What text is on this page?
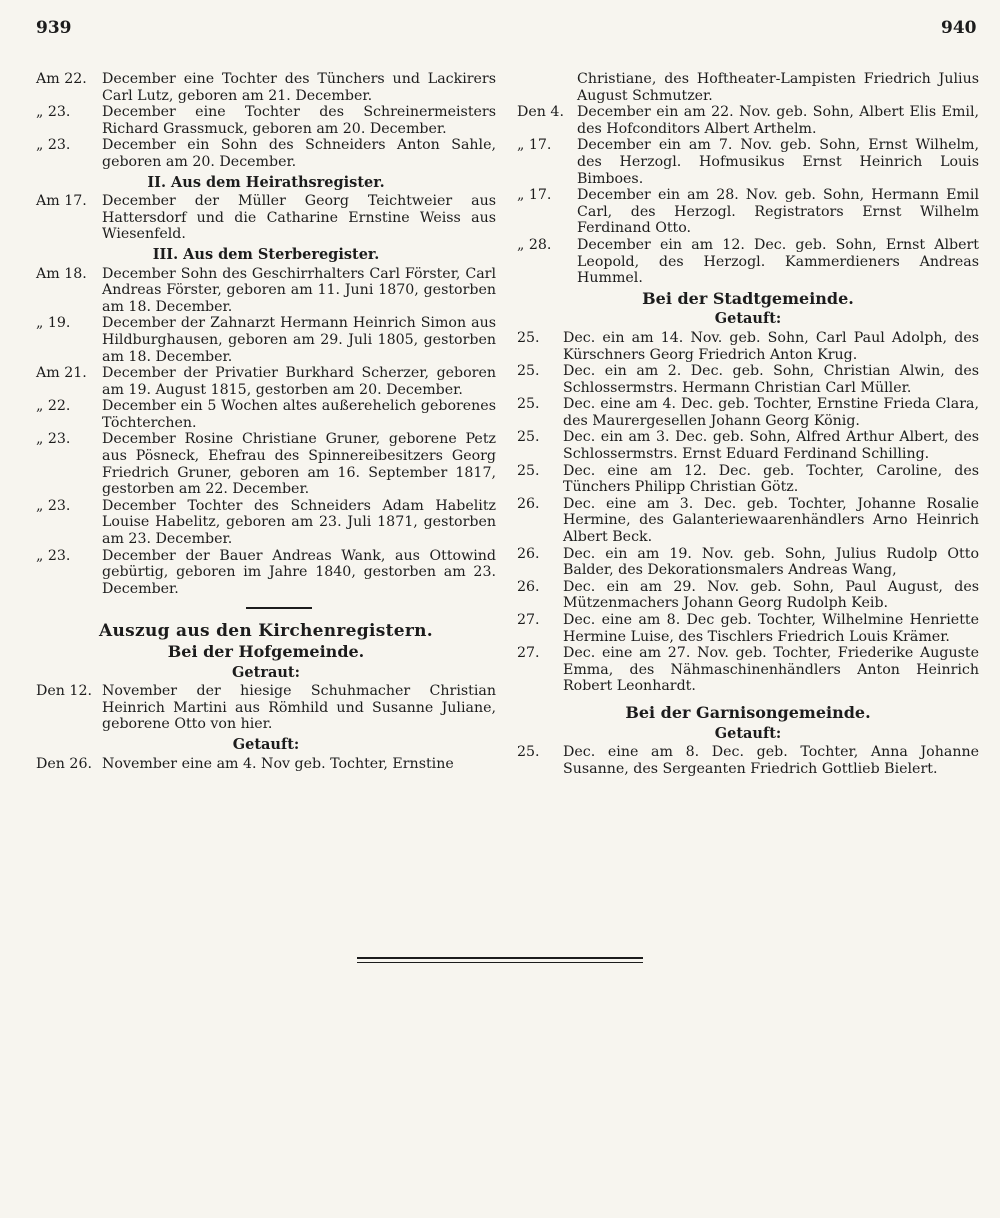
939	940
Am 22.	December eine Tochter des Tünchers und Lackirers Carl Lutz, geboren am 21. December.
„ 23.	December eine Tochter des Schreinermeisters Richard Grassmuck, geboren am 20. December.
„ 23.	December ein Sohn des Schneiders Anton Sahle, geboren am 20. December.
II. Aus dem Heirathsregister.
Am 17.	December der Müller Georg Teichtweier aus Hattersdorf und die Catharine Ernstine Weiss aus Wiesenfeld.
III. Aus dem Sterberegister.
Am 18.	December Sohn des Geschirrhalters Carl Förster, Carl Andreas Förster, geboren am 11. Juni 1870, gestorben am 18. December.
„ 19.	December der Zahnarzt Hermann Heinrich Simon aus Hildburghausen, geboren am 29. Juli 1805, gestorben am 18. December.
Am 21.	December der Privatier Burkhard Scherzer, geboren am 19. August 1815, gestorben am 20. December.
„ 22.	December ein 5 Wochen altes außerehelich geborenes Töchterchen.
„ 23.	December Rosine Christiane Gruner, geborene Petz aus Pösneck, Ehefrau des Spinnereibesitzers Georg Friedrich Gruner, geboren am 16. September 1817, gestorben am 22. December.
„ 23.	December Tochter des Schneiders Adam Habelitz Louise Habelitz, geboren am 23. Juli 1871, gestorben am 23. December.
„ 23.	December der Bauer Andreas Wank, aus Ottowind gebürtig, geboren im Jahre 1840, gestorben am 23. December.
Auszug aus den Kirchenregistern.
Bei der Hofgemeinde.
Getraut:
Den 12. November der hiesige Schuhmacher Christian Heinrich Martini aus Römhild und Susanne Juliane, geborene Otto von hier.
Getauft:
Den 26. November eine am 4. Nov geb. Tochter, Ernstine
Christiane, des Hoftheater-Lampisten Friedrich Julius August Schmutzer.
Den 4. December ein am 22. Nov. geb. Sohn, Albert Elis Emil, des Hofconditors Albert Arthelm.
„ 17.	December ein am 7. Nov. geb. Sohn, Ernst Wilhelm, des Herzogl. Hofmusikus Ernst Heinrich Louis Bimboes.
„ 17.	December ein am 28. Nov. geb. Sohn, Hermann Emil Carl, des Herzogl. Registrators Ernst Wilhelm Ferdinand Otto.
„ 28.	December ein am 12. Dec. geb. Sohn, Ernst Albert Leopold, des Herzogl. Kammerdieners Andreas Hummel.
Bei der Stadtgemeinde.
Getauft:
25.	Dec. ein am 14. Nov. geb. Sohn, Carl Paul Adolph, des Kürschners Georg Friedrich Anton Krug.
25.	Dec. ein am 2. Dec. geb. Sohn, Christian Alwin, des Schlossermstrs. Hermann Christian Carl Müller.
25.	Dec. eine am 4. Dec. geb. Tochter, Ernstine Frieda Clara, des Maurergesellen Johann Georg König.
25.	Dec. ein am 3. Dec. geb. Sohn, Alfred Arthur Albert, des Schlossermstrs. Ernst Eduard Ferdinand Schilling.
25.	Dec. eine am 12. Dec. geb. Tochter, Caroline, des Tünchers Philipp Christian Götz.
26.	Dec. eine am 3. Dec. geb. Tochter, Johanne Rosalie Hermine, des Galanteriewaarenhändlers Arno Heinrich Albert Beck.
26.	Dec. ein am 19. Nov. geb. Sohn, Julius Rudolp Otto Balder, des Dekorationsmalers Andreas Wang,
26.	Dec. ein am 29. Nov. geb. Sohn, Paul August, des Mützenmachers Johann Georg Rudolph Keib.
27.	Dec. eine am 8. Dec geb. Tochter, Wilhelmine Henriette Hermine Luise, des Tischlers Friedrich Louis Krämer.
27.	Dec. eine am 27. Nov. geb. Tochter, Friederike Auguste Emma, des Nähmaschinenhändlers Anton Heinrich Robert Leonhardt.
Bei der Garnisongemeinde.
Getauft:
25.	Dec. eine am 8. Dec. geb. Tochter, Anna Johanne Susanne, des Sergeanten Friedrich Gottlieb Bielert.
